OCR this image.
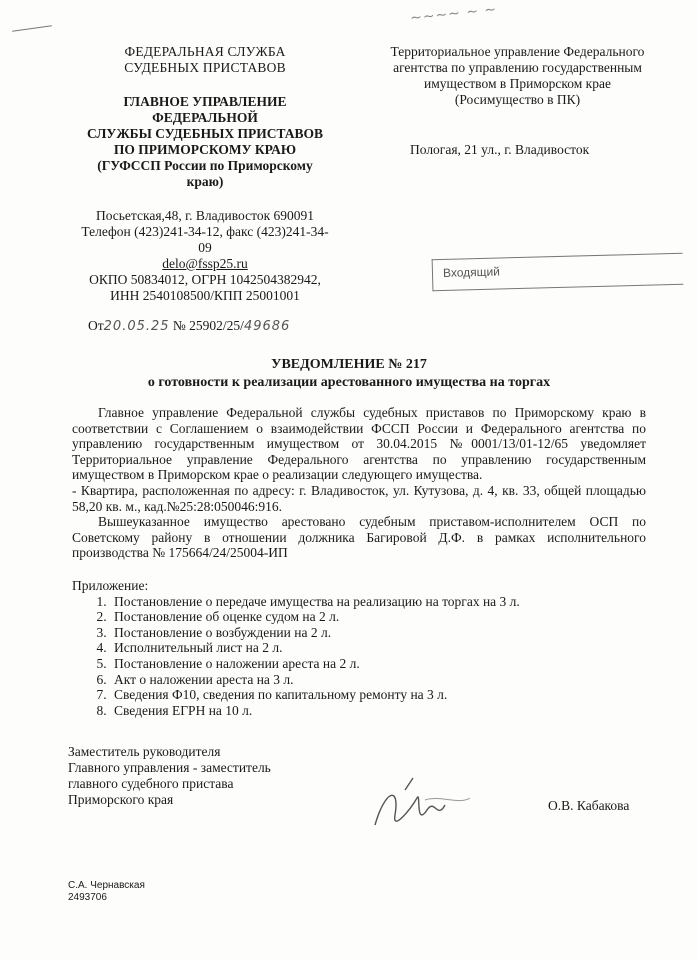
~~~~ ~ ~
ФЕДЕРАЛЬНАЯ СЛУЖБА
СУДЕБНЫХ ПРИСТАВОВ
ГЛАВНОЕ УПРАВЛЕНИЕ
ФЕДЕРАЛЬНОЙ
СЛУЖБЫ СУДЕБНЫХ ПРИСТАВОВ
ПО ПРИМОРСКОМУ КРАЮ
(ГУФССП России по Приморскому
краю)
Посьетская,48, г. Владивосток 690091
Телефон (423)241-34-12, факс (423)241-34-
09
delo@fssp25.ru
ОКПО 50834012, ОГРН 1042504382942,
ИНН 2540108500/КПП 25001001
От20.05.25 № 25902/25/49686
Территориальное управление Федерального
агентства по управлению государственным
имуществом в Приморском крае
(Росимущество в ПК)
Пологая, 21 ул., г. Владивосток
Входящий
УВЕДОМЛЕНИЕ № 217
о готовности к реализации арестованного имущества на торгах

Главное управление Федеральной службы судебных приставов по Приморскому краю в соответствии с Соглашением о взаимодействии ФССП России и Федерального агентства по управлению государственным имуществом от 30.04.2015 №0001/13/01-12/65 уведомляет Территориальное управление Федерального агентства по управлению государственным имуществом в Приморском крае о реализации следующего имущества.

- Квартира, расположенная по адресу: г. Владивосток, ул. Кутузова, д. 4, кв. 33, общей площадью 58,20 кв. м., кад.№25:28:050046:916.

Вышеуказанное имущество арестовано судебным приставом-исполнителем ОСП по Советскому району в отношении должника Багировой Д.Ф. в рамках исполнительного производства № 175664/24/25004-ИП

Приложение:
1. Постановление о передаче имущества на реализацию на торгах на 3 л.
2. Постановление об оценке судом на 2 л.
3. Постановление о возбуждении на 2 л.
4. Исполнительный лист на 2 л.
5. Постановление о наложении ареста на 2 л.
6. Акт о наложении ареста на 3 л.
7. Сведения Ф10, сведения по капитальному ремонту на 3 л.
8. Сведения ЕГРН на 10 л.
Заместитель руководителя
Главного управления - заместитель
главного судебного пристава
Приморского края	О.В. Кабакова
С.А. Чернавская
2493706
